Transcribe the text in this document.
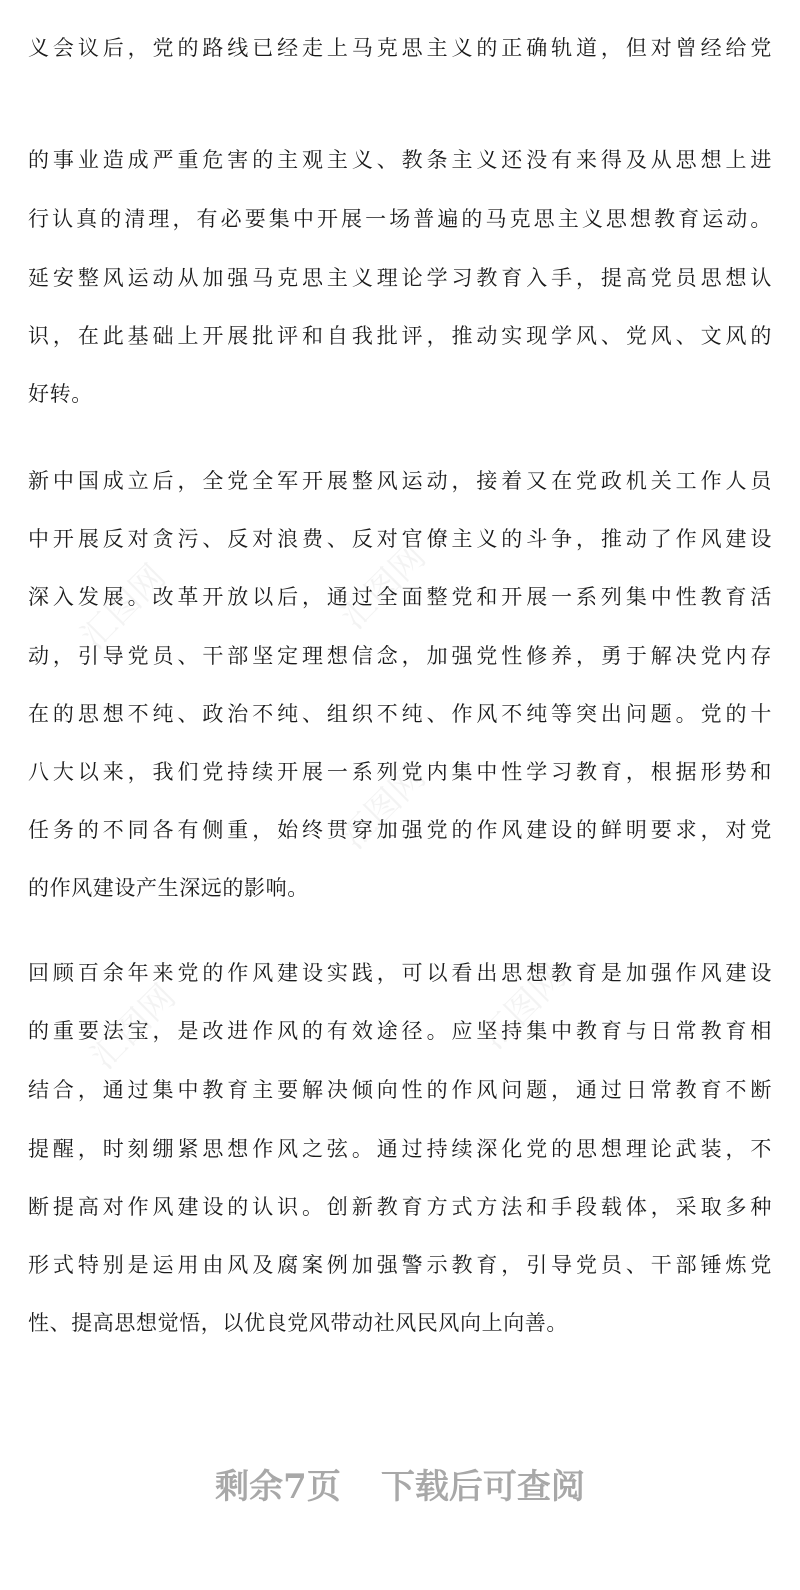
汇图网	汇图网
汇图网
汇图网	汇图网
义会议后，党的路线已经走上马克思主义的正确轨道，但对曾经给党
的事业造成严重危害的主观主义、教条主义还没有来得及从思想上进
行认真的清理，有必要集中开展一场普遍的马克思主义思想教育运动。
延安整风运动从加强马克思主义理论学习教育入手，提高党员思想认
识，在此基础上开展批评和自我批评，推动实现学风、党风、文风的
好转。
新中国成立后，全党全军开展整风运动，接着又在党政机关工作人员
中开展反对贪污、反对浪费、反对官僚主义的斗争，推动了作风建设
深入发展。改革开放以后，通过全面整党和开展一系列集中性教育活
动，引导党员、干部坚定理想信念，加强党性修养，勇于解决党内存
在的思想不纯、政治不纯、组织不纯、作风不纯等突出问题。党的十
八大以来，我们党持续开展一系列党内集中性学习教育，根据形势和
任务的不同各有侧重，始终贯穿加强党的作风建设的鲜明要求，对党
的作风建设产生深远的影响。
回顾百余年来党的作风建设实践，可以看出思想教育是加强作风建设
的重要法宝，是改进作风的有效途径。应坚持集中教育与日常教育相
结合，通过集中教育主要解决倾向性的作风问题，通过日常教育不断
提醒，时刻绷紧思想作风之弦。通过持续深化党的思想理论武装，不
断提高对作风建设的认识。创新教育方式方法和手段载体，采取多种
形式特别是运用由风及腐案例加强警示教育，引导党员、干部锤炼党
性、提高思想觉悟，以优良党风带动社风民风向上向善。
剩余7页 下载后可查阅
